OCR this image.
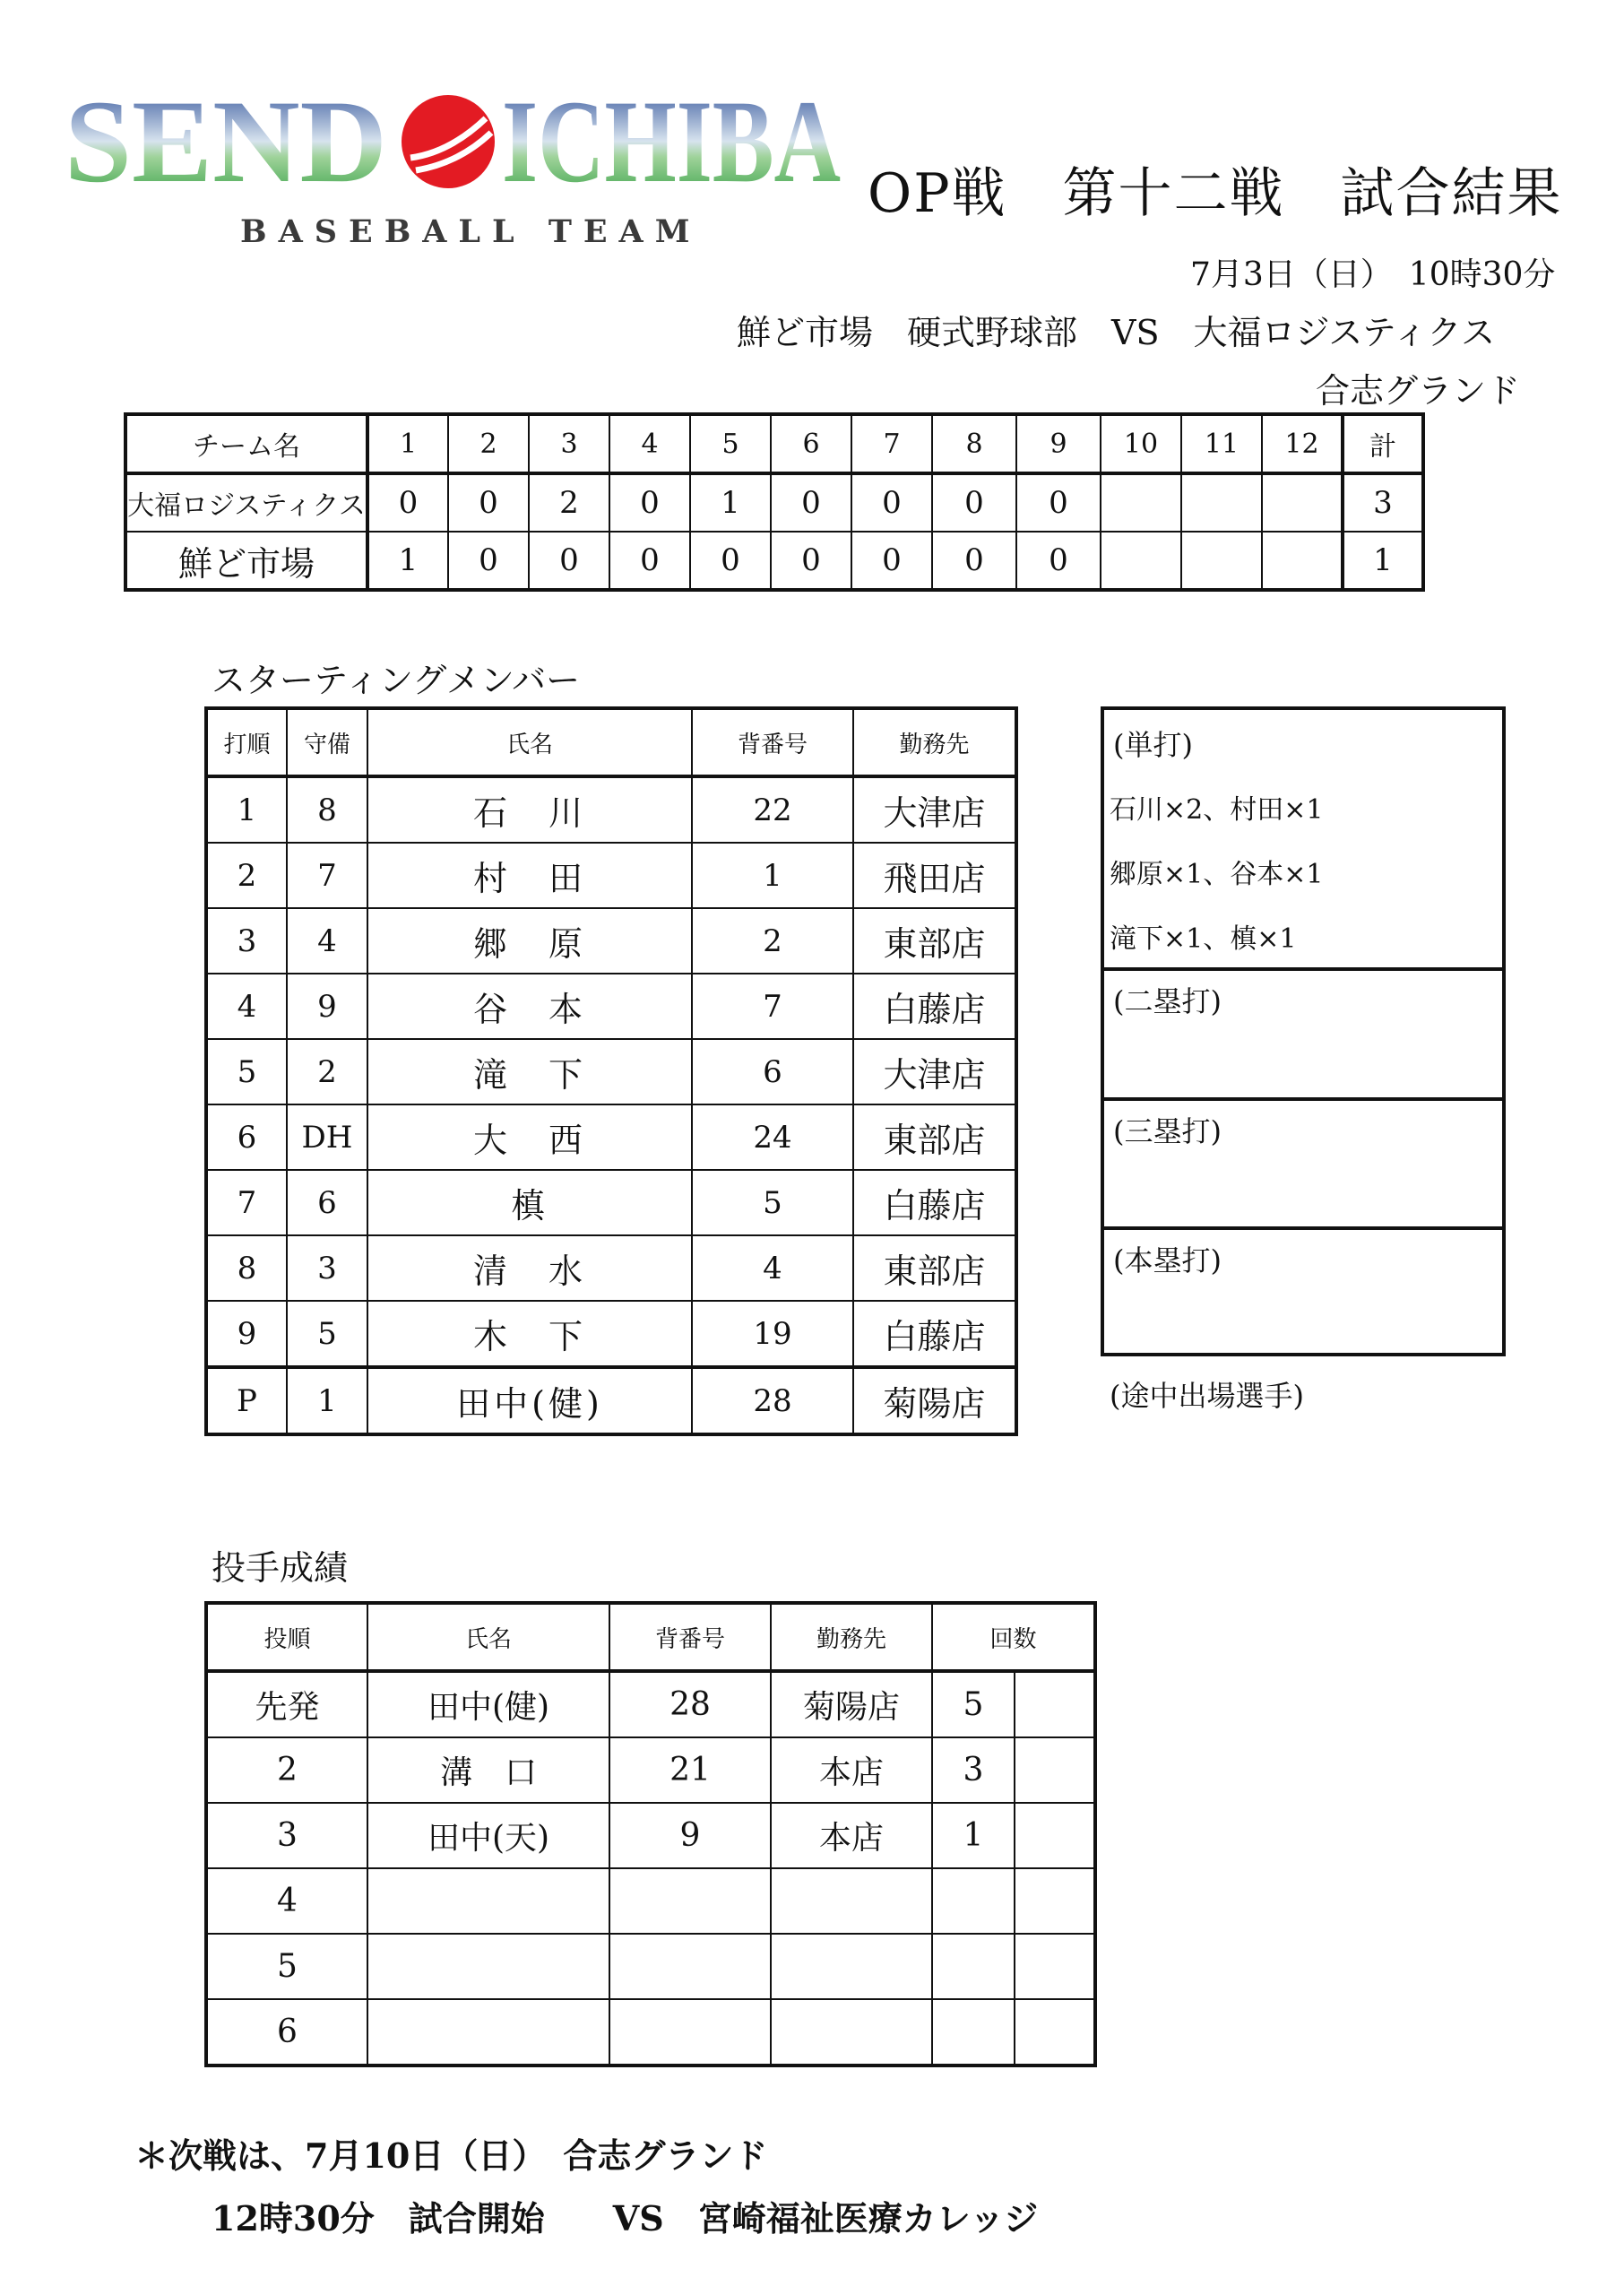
SEND ICHIBA
BASEBALL TEAM
OP戦　第十二戦　試合結果
7月3日（日）　10時30分
鮮ど市場　硬式野球部　VS　大福ロジスティクス
合志グランド
チーム名	1	2	3	4	5	6	7	8	9	10	11	12	計
大福ロジスティクス	0	0	2	0	1	0	0	0	0				3
鮮ど市場	1	0	0	0	0	0	0	0	0				1
スターティングメンバー
打順	守備	氏名	背番号	勤務先
1	8	石　川	22	大津店
2	7	村　田	1	飛田店
3	4	郷　原	2	東部店
4	9	谷　本	7	白藤店
5	2	滝　下	6	大津店
6	DH	大　西	24	東部店
7	6	槙	5	白藤店
8	3	清　水	4	東部店
9	5	木　下	19	白藤店
P	1	田中(健)	28	菊陽店
(単打)
石川×2、村田×1
郷原×1、谷本×1
滝下×1、槙×1
(二塁打)
(三塁打)
(本塁打)
(途中出場選手)
投手成績
投順	氏名	背番号	勤務先	回数	
先発	田中(健)	28	菊陽店	5	
2	溝　口	21	本店	3	
3	田中(天)	9	本店	1	
4					
5					
6					
＊次戦は、7月10日（日）　合志グランド
12時30分　試合開始　　VS　宮崎福祉医療カレッジ
